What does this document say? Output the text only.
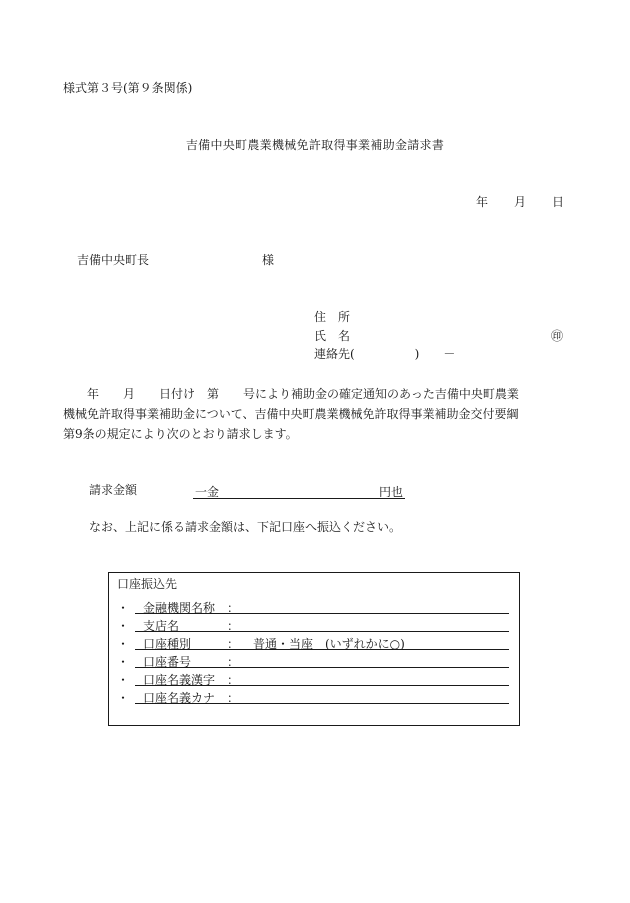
様式第３号(第９条関係)
吉備中央町農業機械免許取得事業補助金請求書
年 月 日
吉備中央町長	様
住　所
氏　名	㊞
連絡先(　　　　　)　　－
年　　月　　日付け　第　　号により補助金の確定通知のあった吉備中央町農業
機械免許取得事業補助金について、吉備中央町農業機械免許取得事業補助金交付要綱
第9条の規定により次のとおり請求します。
請求金額	一金	円也
なお、上記に係る請求金額は、下記口座へ振込ください。
口座振込先
・ 金融機関名称 ：
・ 支店名	：
・ 口座種別	： 普通・当座　(いずれかに○)
・ 口座番号	：
・ 口座名義漢字 ：
・ 口座名義カナ ：
